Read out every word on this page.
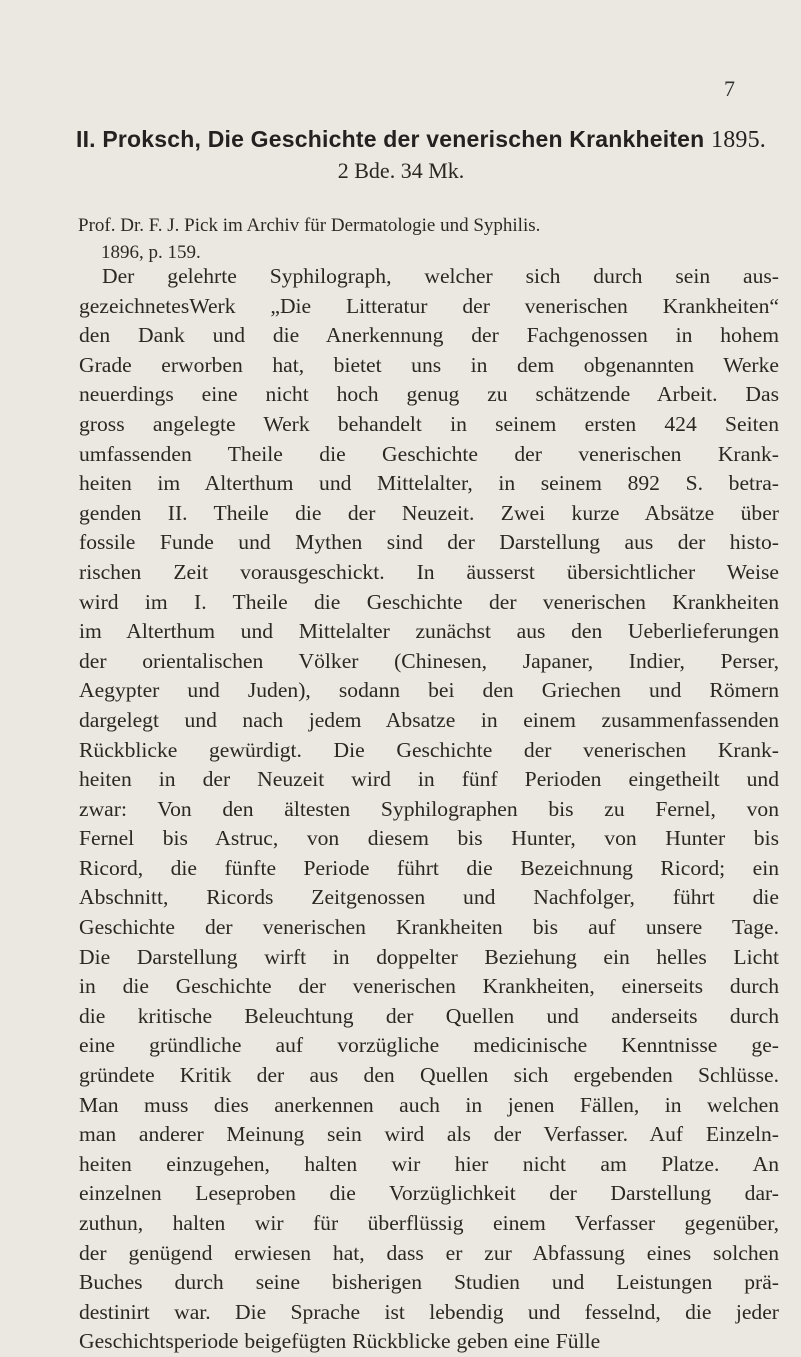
7
II. Proksch, Die Geschichte der venerischen Krankheiten 1895.
2 Bde. 34 Mk.
Prof. Dr. F. J. Pick im Archiv für Dermatologie und Syphilis.
1896, p. 159.
Der gelehrte Syphilograph, welcher sich durch sein aus-
gezeichnetesWerk „Die Litteratur der venerischen Krankheiten“
den Dank und die Anerkennung der Fachgenossen in hohem
Grade erworben hat, bietet uns in dem obgenannten Werke
neuerdings eine nicht hoch genug zu schätzende Arbeit. Das
gross angelegte Werk behandelt in seinem ersten 424 Seiten
umfassenden Theile die Geschichte der venerischen Krank-
heiten im Alterthum und Mittelalter, in seinem 892 S. betra-
genden II. Theile die der Neuzeit. Zwei kurze Absätze über
fossile Funde und Mythen sind der Darstellung aus der histo-
rischen Zeit vorausgeschickt. In äusserst übersichtlicher Weise
wird im I. Theile die Geschichte der venerischen Krankheiten
im Alterthum und Mittelalter zunächst aus den Ueberlieferungen
der orientalischen Völker (Chinesen, Japaner, Indier, Perser,
Aegypter und Juden), sodann bei den Griechen und Römern
dargelegt und nach jedem Absatze in einem zusammenfassenden
Rückblicke gewürdigt. Die Geschichte der venerischen Krank-
heiten in der Neuzeit wird in fünf Perioden eingetheilt und
zwar: Von den ältesten Syphilographen bis zu Fernel, von
Fernel bis Astruc, von diesem bis Hunter, von Hunter bis
Ricord, die fünfte Periode führt die Bezeichnung Ricord; ein
Abschnitt, Ricords Zeitgenossen und Nachfolger, führt die
Geschichte der venerischen Krankheiten bis auf unsere Tage.
Die Darstellung wirft in doppelter Beziehung ein helles Licht
in die Geschichte der venerischen Krankheiten, einerseits durch
die kritische Beleuchtung der Quellen und anderseits durch
eine gründliche auf vorzügliche medicinische Kenntnisse ge-
gründete Kritik der aus den Quellen sich ergebenden Schlüsse.
Man muss dies anerkennen auch in jenen Fällen, in welchen
man anderer Meinung sein wird als der Verfasser. Auf Einzeln-
heiten einzugehen, halten wir hier nicht am Platze. An
einzelnen Leseproben die Vorzüglichkeit der Darstellung dar-
zuthun, halten wir für überflüssig einem Verfasser gegenüber,
der genügend erwiesen hat, dass er zur Abfassung eines solchen
Buches durch seine bisherigen Studien und Leistungen prä-
destinirt war. Die Sprache ist lebendig und fesselnd, die jeder
Geschichtsperiode beigefügten Rückblicke geben eine Fülle
